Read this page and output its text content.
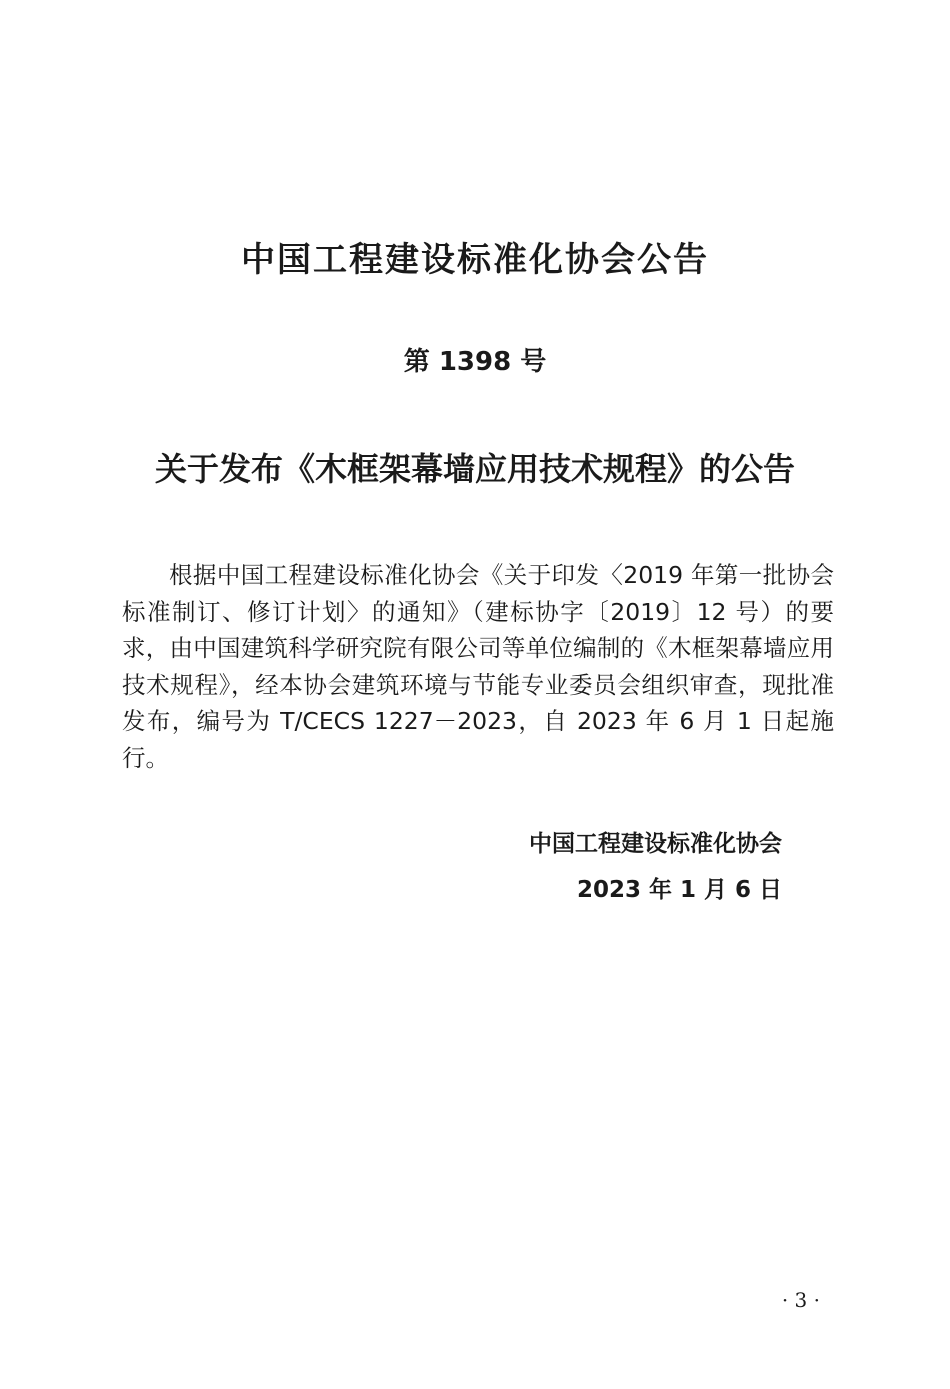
中国工程建设标准化协会公告
第 1398 号
关于发布《木框架幕墙应用技术规程》的公告

根据中国工程建设标准化协会《关于印发〈2019 年第一批协会标准制订、修订计划〉的通知》（建标协字〔2019〕12 号）的要求，由中国建筑科学研究院有限公司等单位编制的《木框架幕墙应用技术规程》，经本协会建筑环境与节能专业委员会组织审查，现批准发布，编号为 T/CECS 1227－2023，自 2023 年 6 月 1 日起施行。

中国工程建设标准化协会
2023 年 1 月 6 日
· 3 ·
